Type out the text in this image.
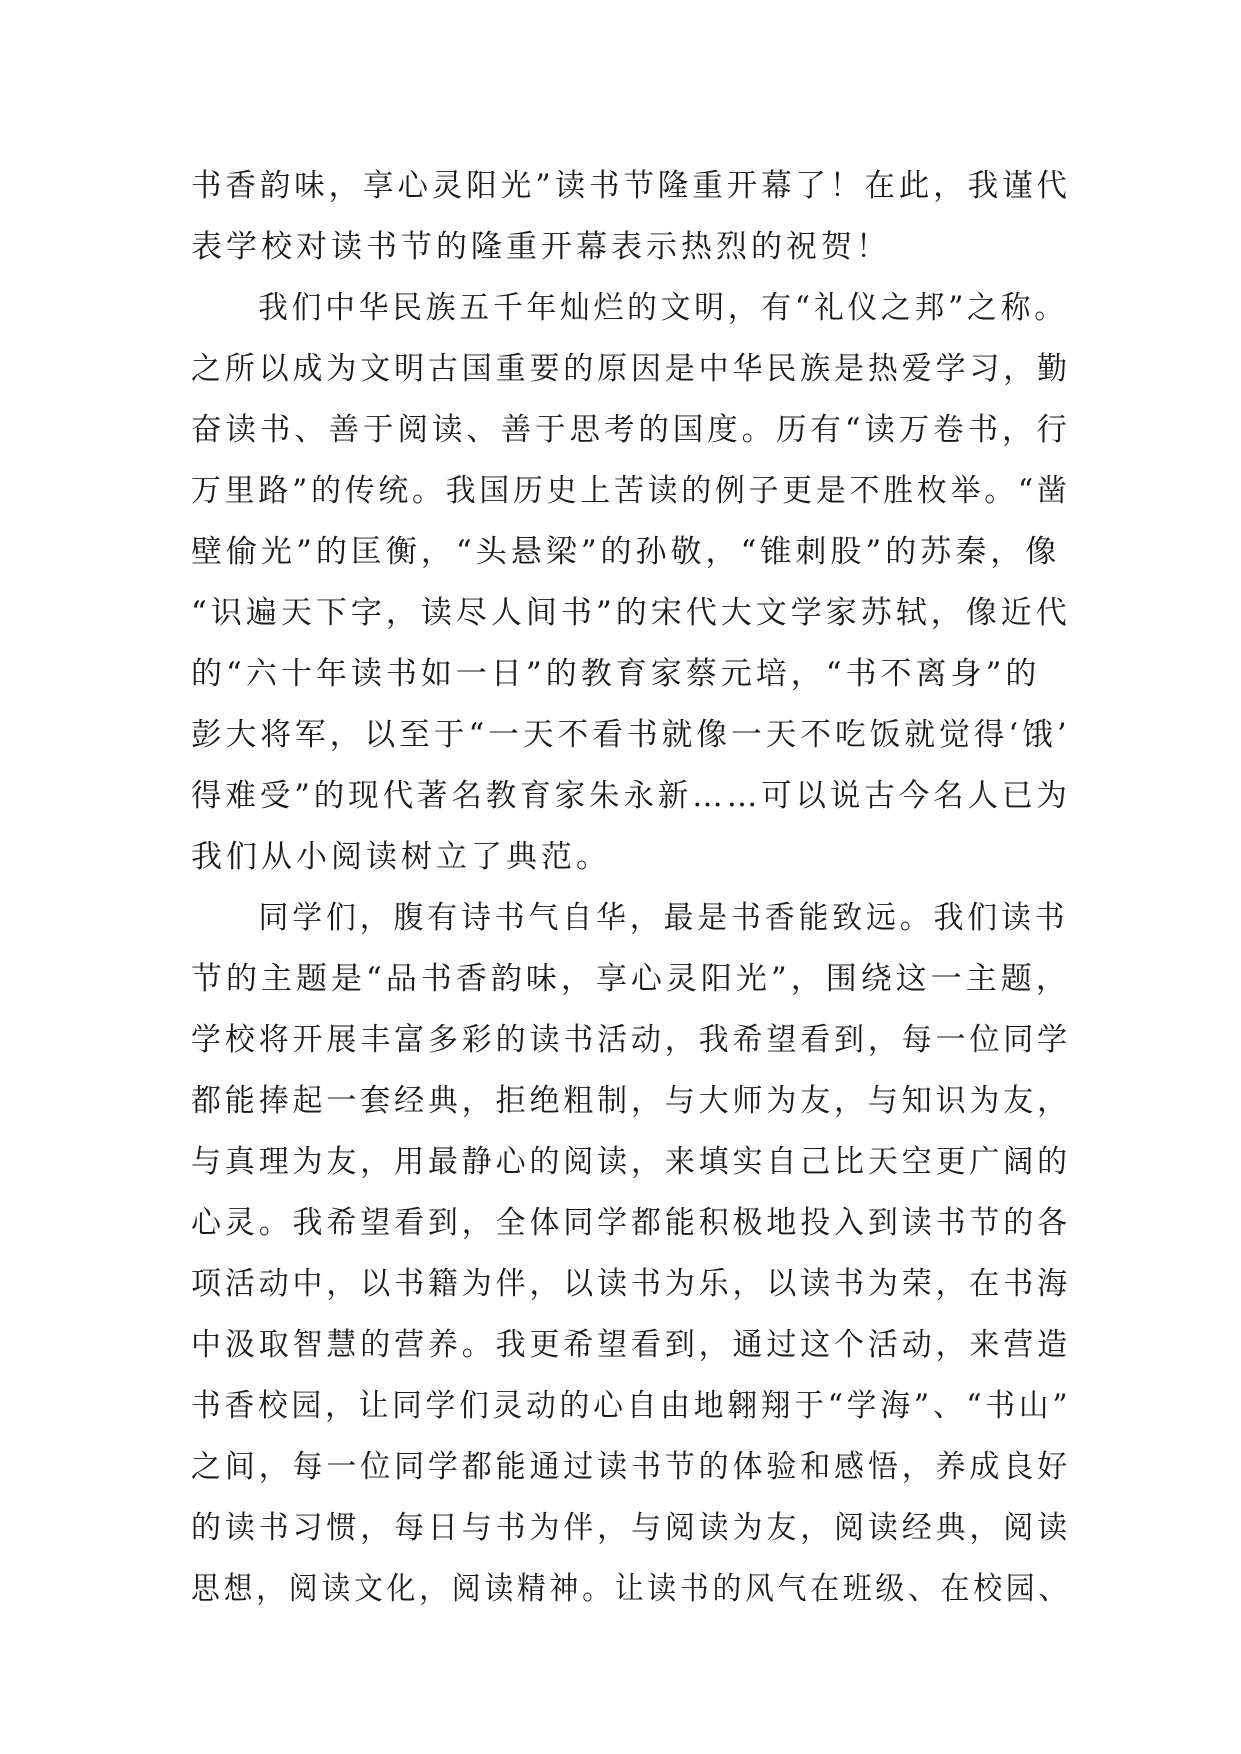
书香韵味，享心灵阳光”读书节隆重开幕了！在此，我谨代
表学校对读书节的隆重开幕表示热烈的祝贺！
我们中华民族五千年灿烂的文明，有“礼仪之邦”之称。
之所以成为文明古国重要的原因是中华民族是热爱学习，勤
奋读书、善于阅读、善于思考的国度。历有“读万卷书，行
万里路”的传统。我国历史上苦读的例子更是不胜枚举。“凿
壁偷光”的匡衡，“头悬梁”的孙敬，“锥刺股”的苏秦，像
“识遍天下字，读尽人间书”的宋代大文学家苏轼，像近代
的“六十年读书如一日”的教育家蔡元培，“书不离身”的
彭大将军，以至于“一天不看书就像一天不吃饭就觉得‘饿’
得难受”的现代著名教育家朱永新……可以说古今名人已为
我们从小阅读树立了典范。
同学们，腹有诗书气自华，最是书香能致远。我们读书
节的主题是“品书香韵味，享心灵阳光”，围绕这一主题，
学校将开展丰富多彩的读书活动，我希望看到，每一位同学
都能捧起一套经典，拒绝粗制，与大师为友，与知识为友，
与真理为友，用最静心的阅读，来填实自己比天空更广阔的
心灵。我希望看到，全体同学都能积极地投入到读书节的各
项活动中，以书籍为伴，以读书为乐，以读书为荣，在书海
中汲取智慧的营养。我更希望看到，通过这个活动，来营造
书香校园，让同学们灵动的心自由地翱翔于“学海”、“书山”
之间，每一位同学都能通过读书节的体验和感悟，养成良好
的读书习惯，每日与书为伴，与阅读为友，阅读经典，阅读
思想，阅读文化，阅读精神。让读书的风气在班级、在校园、
